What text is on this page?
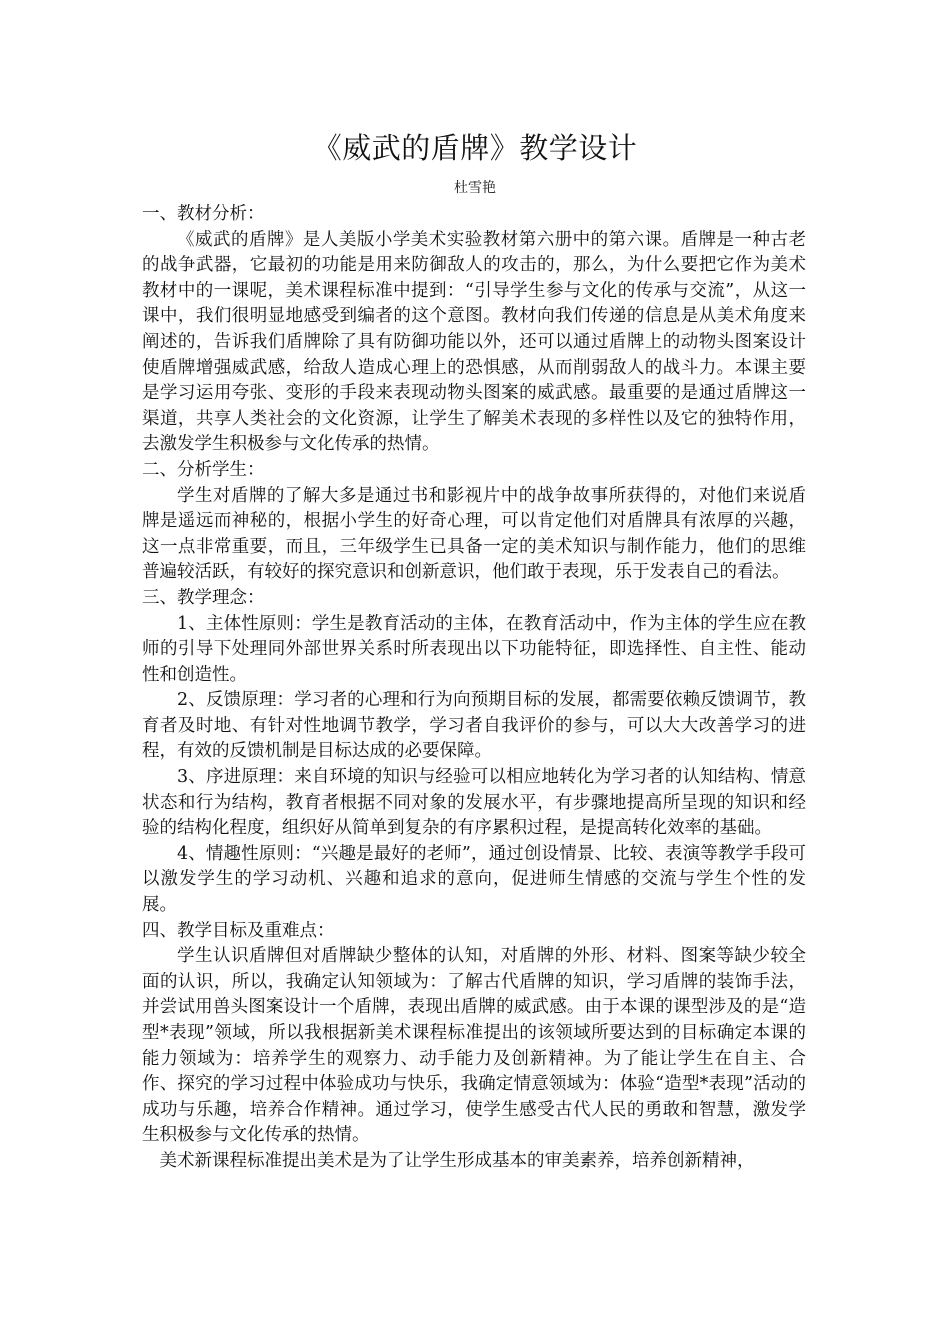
《威武的盾牌》教学设计
杜雪艳

一、教材分析：

《威武的盾牌》是人美版小学美术实验教材第六册中的第六课。盾牌是一种古老的战争武器，它最初的功能是用来防御敌人的攻击的，那么，为什么要把它作为美术教材中的一课呢，美术课程标准中提到：“引导学生参与文化的传承与交流”，从这一课中，我们很明显地感受到编者的这个意图。教材向我们传递的信息是从美术角度来阐述的，告诉我们盾牌除了具有防御功能以外，还可以通过盾牌上的动物头图案设计使盾牌增强威武感，给敌人造成心理上的恐惧感，从而削弱敌人的战斗力。本课主要是学习运用夸张、变形的手段来表现动物头图案的威武感。最重要的是通过盾牌这一渠道，共享人类社会的文化资源，让学生了解美术表现的多样性以及它的独特作用，去激发学生积极参与文化传承的热情。

二、分析学生：

学生对盾牌的了解大多是通过书和影视片中的战争故事所获得的，对他们来说盾牌是遥远而神秘的，根据小学生的好奇心理，可以肯定他们对盾牌具有浓厚的兴趣，这一点非常重要，而且，三年级学生已具备一定的美术知识与制作能力，他们的思维普遍较活跃，有较好的探究意识和创新意识，他们敢于表现，乐于发表自己的看法。

三、教学理念：

1、主体性原则：学生是教育活动的主体，在教育活动中，作为主体的学生应在教师的引导下处理同外部世界关系时所表现出以下功能特征，即选择性、自主性、能动性和创造性。

2、反馈原理：学习者的心理和行为向预期目标的发展，都需要依赖反馈调节，教育者及时地、有针对性地调节教学，学习者自我评价的参与，可以大大改善学习的进程，有效的反馈机制是目标达成的必要保障。

3、序进原理：来自环境的知识与经验可以相应地转化为学习者的认知结构、情意状态和行为结构，教育者根据不同对象的发展水平，有步骤地提高所呈现的知识和经验的结构化程度，组织好从简单到复杂的有序累积过程，是提高转化效率的基础。

4、情趣性原则：“兴趣是最好的老师”，通过创设情景、比较、表演等教学手段可以激发学生的学习动机、兴趣和追求的意向，促进师生情感的交流与学生个性的发展。

四、教学目标及重难点：

学生认识盾牌但对盾牌缺少整体的认知，对盾牌的外形、材料、图案等缺少较全面的认识，所以，我确定认知领域为：了解古代盾牌的知识，学习盾牌的装饰手法，并尝试用兽头图案设计一个盾牌，表现出盾牌的威武感。由于本课的课型涉及的是“造型*表现”领域，所以我根据新美术课程标准提出的该领域所要达到的目标确定本课的能力领域为：培养学生的观察力、动手能力及创新精神。为了能让学生在自主、合作、探究的学习过程中体验成功与快乐，我确定情意领域为：体验“造型*表现”活动的成功与乐趣，培养合作精神。通过学习，使学生感受古代人民的勇敢和智慧，激发学生积极参与文化传承的热情。

美术新课程标准提出美术是为了让学生形成基本的审美素养，培养创新精神，
